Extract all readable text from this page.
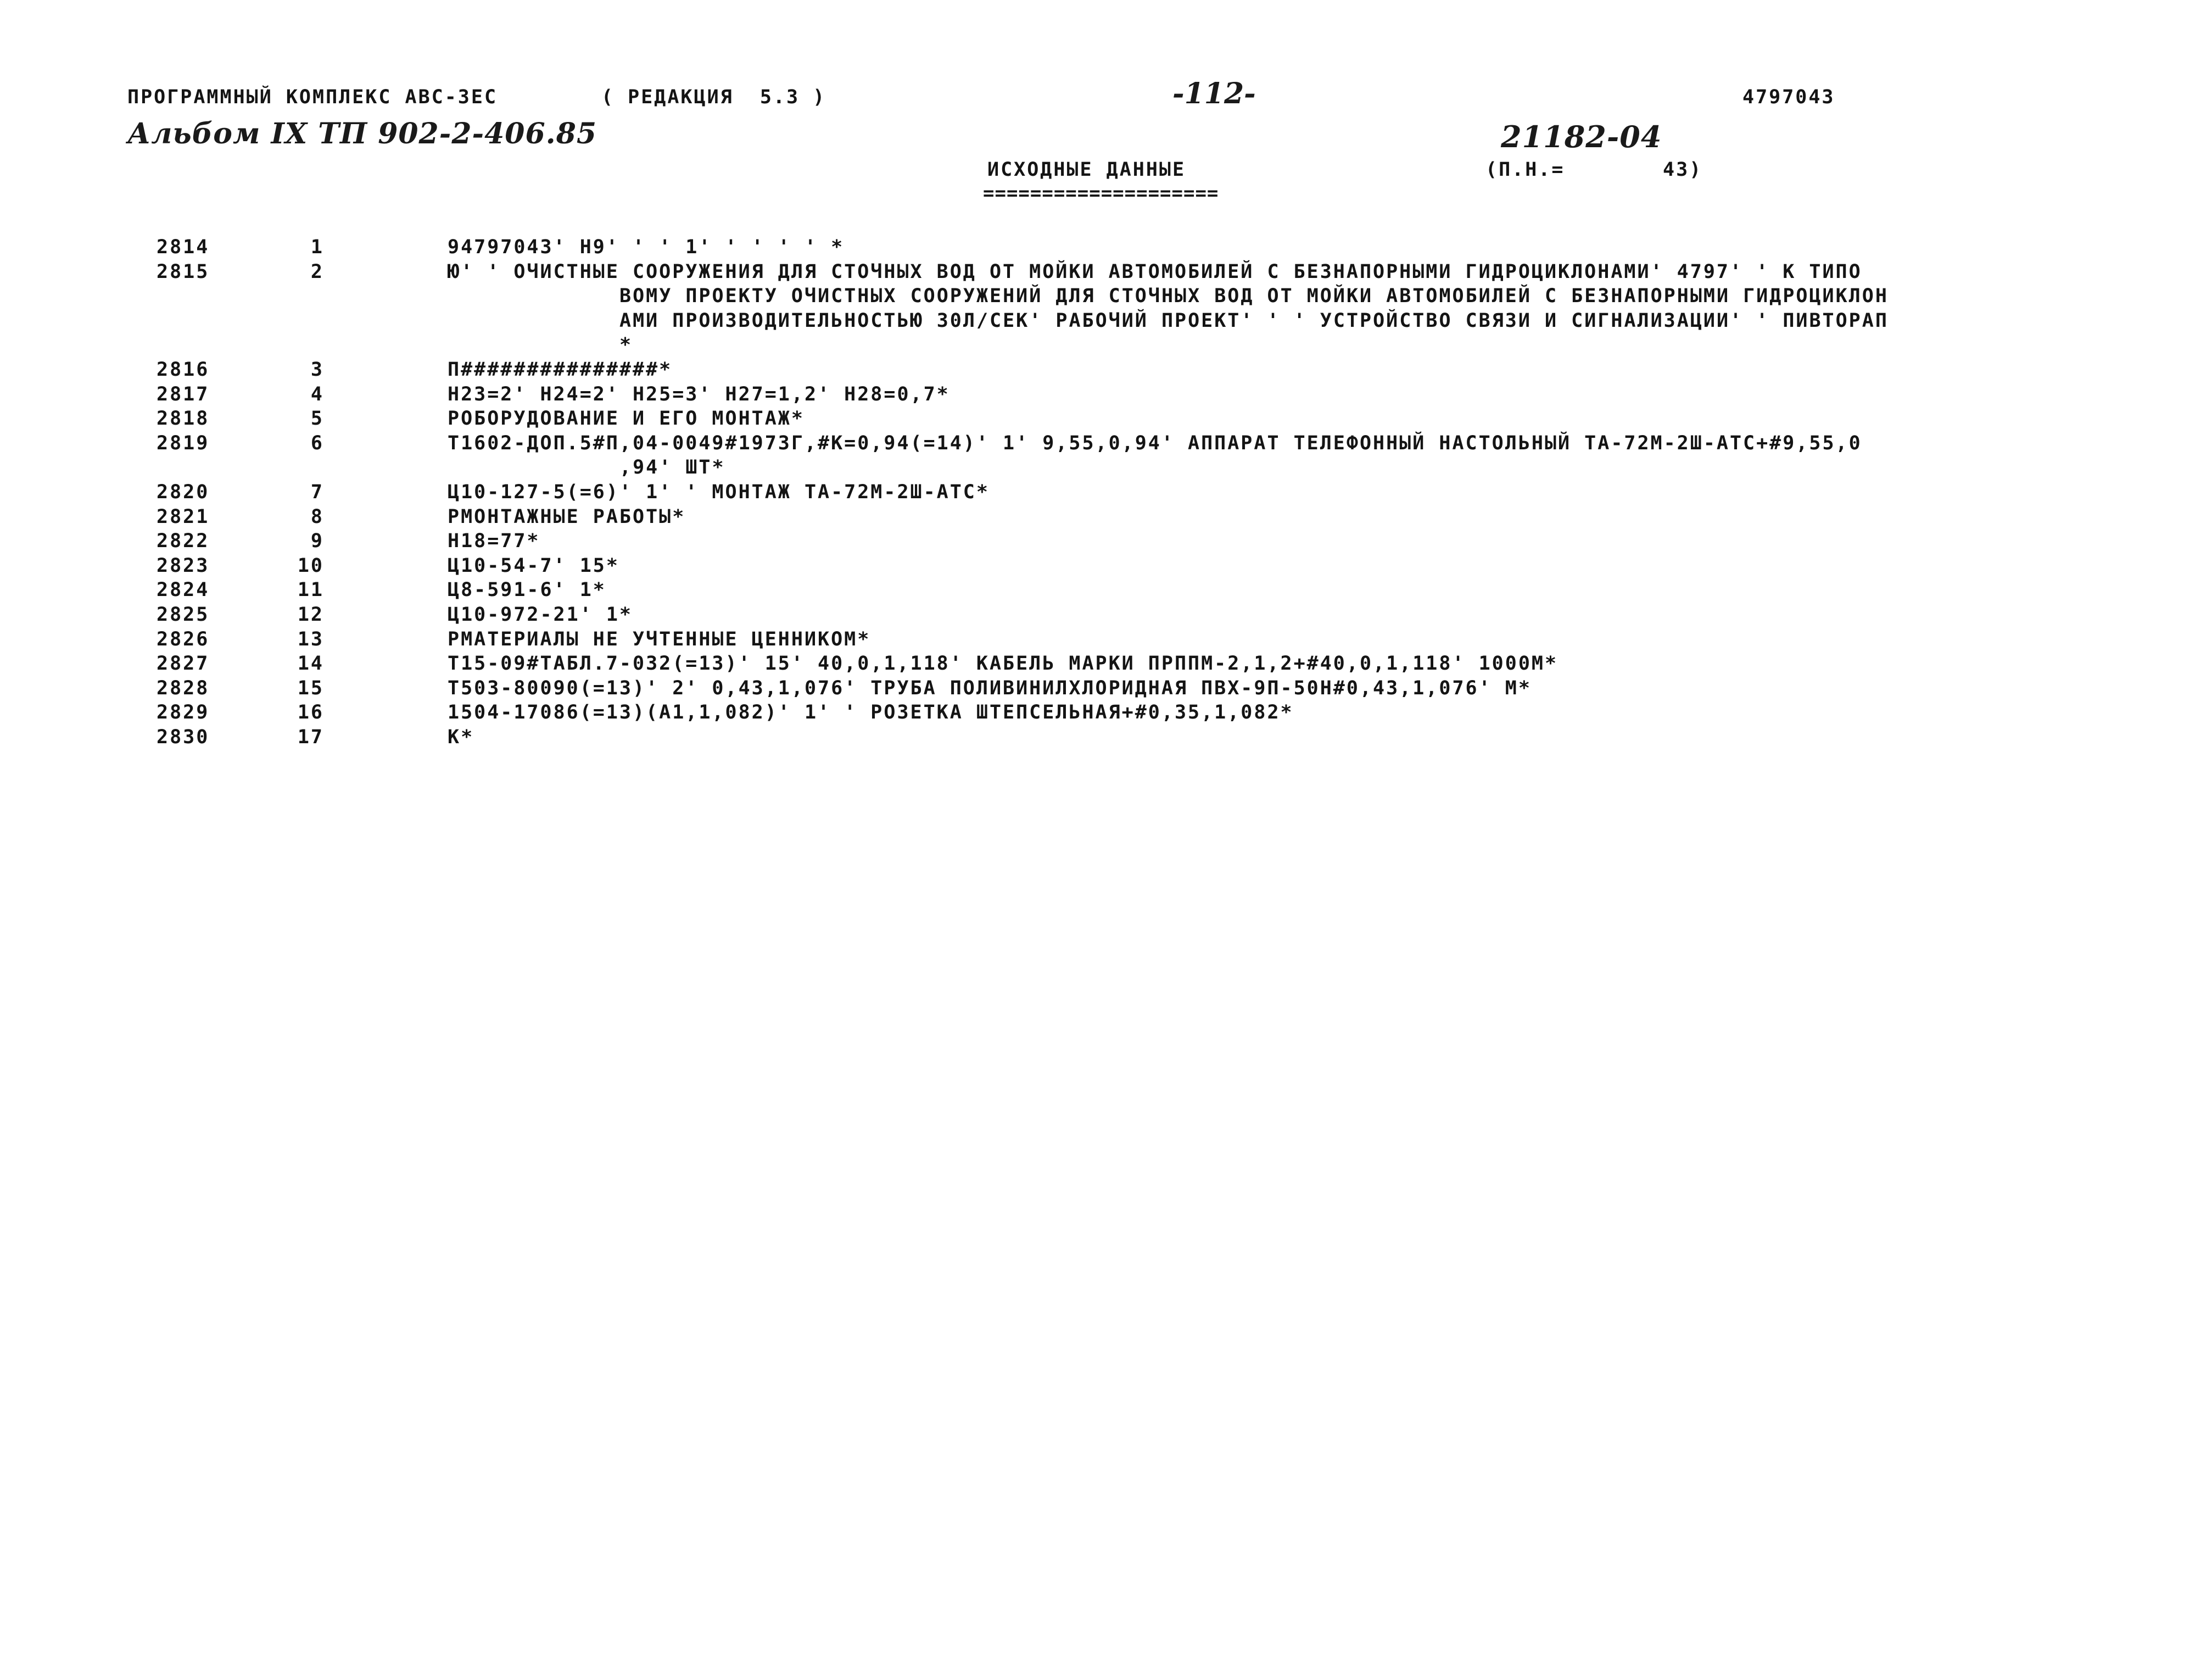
ПРОГРАММНЫЙ КОМПЛЕКС АВС-3ЕС	( РЕДАКЦИЯ  5.3 )	-112-	4797043
Альбом IX ТП 902-2-406.85	21182-04
ИСХОДНЫЕ ДАННЫЕ
====================
(П.Н.=	43)
2814	1	94797043' Н9' ' ' 1' ' ' ' ' *
2815	2	Ю' ' ОЧИСТНЫЕ СООРУЖЕНИЯ ДЛЯ СТОЧНЫХ ВОД ОТ МОЙКИ АВТОМОБИЛЕЙ С БЕЗНАПОРНЫМИ ГИДРОЦИКЛОНАМИ' 4797' ' К ТИПО
ВОМУ ПРОЕКТУ ОЧИСТНЫХ СООРУЖЕНИЙ ДЛЯ СТОЧНЫХ ВОД ОТ МОЙКИ АВТОМОБИЛЕЙ С БЕЗНАПОРНЫМИ ГИДРОЦИКЛОН
АМИ ПРОИЗВОДИТЕЛЬНОСТЬЮ 30Л/СЕК' РАБОЧИЙ ПРОЕКТ' ' ' УСТРОЙСТВО СВЯЗИ И СИГНАЛИЗАЦИИ' ' ПИВТОРАП
*
2816	3	П###############*
2817	4	Н23=2' Н24=2' Н25=3' Н27=1,2' Н28=0,7*
2818	5	РОБОРУДОВАНИЕ И ЕГО МОНТАЖ*
2819	6	Т1602-ДОП.5#П,04-0049#1973Г,#К=0,94(=14)' 1' 9,55,0,94' АППАРАТ ТЕЛЕФОННЫЙ НАСТОЛЬНЫЙ ТА-72М-2Ш-АТС+#9,55,0
,94' ШТ*
2820	7	Ц10-127-5(=6)' 1' ' МОНТАЖ ТА-72М-2Ш-АТС*
2821	8	РМОНТАЖНЫЕ РАБОТЫ*
2822	9	Н18=77*
2823	10	Ц10-54-7' 15*
2824	11	Ц8-591-6' 1*
2825	12	Ц10-972-21' 1*
2826	13	РМАТЕРИАЛЫ НЕ УЧТЕННЫЕ ЦЕННИКОМ*
2827	14	Т15-09#ТАБЛ.7-032(=13)' 15' 40,0,1,118' КАБЕЛЬ МАРКИ ПРППМ-2,1,2+#40,0,1,118' 1000М*
2828	15	Т503-80090(=13)' 2' 0,43,1,076' ТРУБА ПОЛИВИНИЛХЛОРИДНАЯ ПВХ-9П-50Н#0,43,1,076' М*
2829	16	1504-17086(=13)(А1,1,082)' 1' ' РОЗЕТКА ШТЕПСЕЛЬНАЯ+#0,35,1,082*
2830	17	К*
